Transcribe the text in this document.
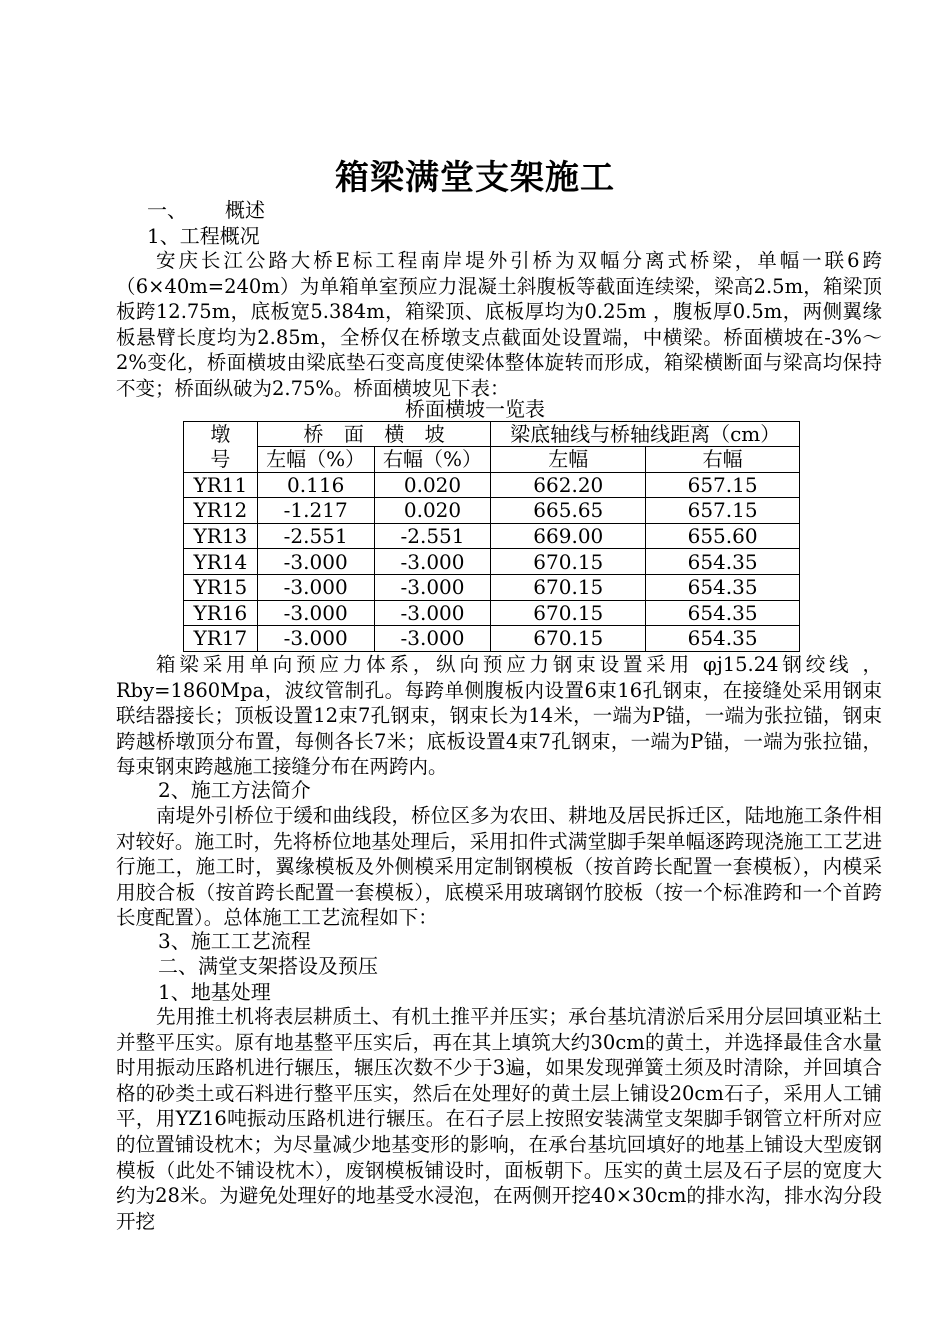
箱梁满堂支架施工
一、 概述
1、工程概况
安庆长江公路大桥E标工程南岸堤外引桥为双幅分离式桥梁，单幅一联6跨（6×40m=240m）为单箱单室预应力混凝土斜腹板等截面连续梁，梁高2.5m，箱梁顶板跨12.75m，底板宽5.384m，箱梁顶、底板厚均为0.25m ，腹板厚0.5m，两侧翼缘板悬臂长度均为2.85m，全桥仅在桥墩支点截面处设置端，中横梁。桥面横坡在-3%～2%变化，桥面横坡由梁底垫石变高度使梁体整体旋转而形成，箱梁横断面与梁高均保持不变；桥面纵破为2.75%。桥面横坡见下表：
桥面横坡一览表
墩	桥 面 横 坡		梁底轴线与桥轴线距离（cm）	
号	左幅（%）	右幅（%）	左幅	右幅
YR11	0.116	0.020	662.20	657.15
YR12	-1.217	0.020	665.65	657.15
YR13	-2.551	-2.551	669.00	655.60
YR14	-3.000	-3.000	670.15	654.35
YR15	-3.000	-3.000	670.15	654.35
YR16	-3.000	-3.000	670.15	654.35
YR17	-3.000	-3.000	670.15	654.35
箱梁采用单向预应力体系，纵向预应力钢束设置采用 φj15.24钢绞线 ，Rby=1860Mpa，波纹管制孔。每跨单侧腹板内设置6束16孔钢束，在接缝处采用钢束联结器接长；顶板设置12束7孔钢束，钢束长为14米，一端为P锚，一端为张拉锚，钢束跨越桥墩顶分布置，每侧各长7米；底板设置4束7孔钢束，一端为P锚，一端为张拉锚，每束钢束跨越施工接缝分布在两跨内。
2、施工方法简介
南堤外引桥位于缓和曲线段，桥位区多为农田、耕地及居民拆迁区，陆地施工条件相对较好。施工时，先将桥位地基处理后，采用扣件式满堂脚手架单幅逐跨现浇施工工艺进行施工，施工时，翼缘模板及外侧模采用定制钢模板（按首跨长配置一套模板），内模采用胶合板（按首跨长配置一套模板），底模采用玻璃钢竹胶板（按一个标准跨和一个首跨长度配置）。总体施工工艺流程如下：
3、施工工艺流程
二、满堂支架搭设及预压
1、地基处理
先用推土机将表层耕质土、有机土推平并压实；承台基坑清淤后采用分层回填亚粘土并整平压实。原有地基整平压实后，再在其上填筑大约30cm的黄土，并选择最佳含水量时用振动压路机进行辗压，辗压次数不少于3遍，如果发现弹簧土须及时清除，并回填合格的砂类土或石料进行整平压实，然后在处理好的黄土层上铺设20cm石子，采用人工铺平，用YZ16吨振动压路机进行辗压。在石子层上按照安装满堂支架脚手钢管立杆所对应的位置铺设枕木；为尽量减少地基变形的影响，在承台基坑回填好的地基上铺设大型废钢模板（此处不铺设枕木），废钢模板铺设时，面板朝下。压实的黄土层及石子层的宽度大约为28米。为避免处理好的地基受水浸泡，在两侧开挖40×30cm的排水沟，排水沟分段开挖
